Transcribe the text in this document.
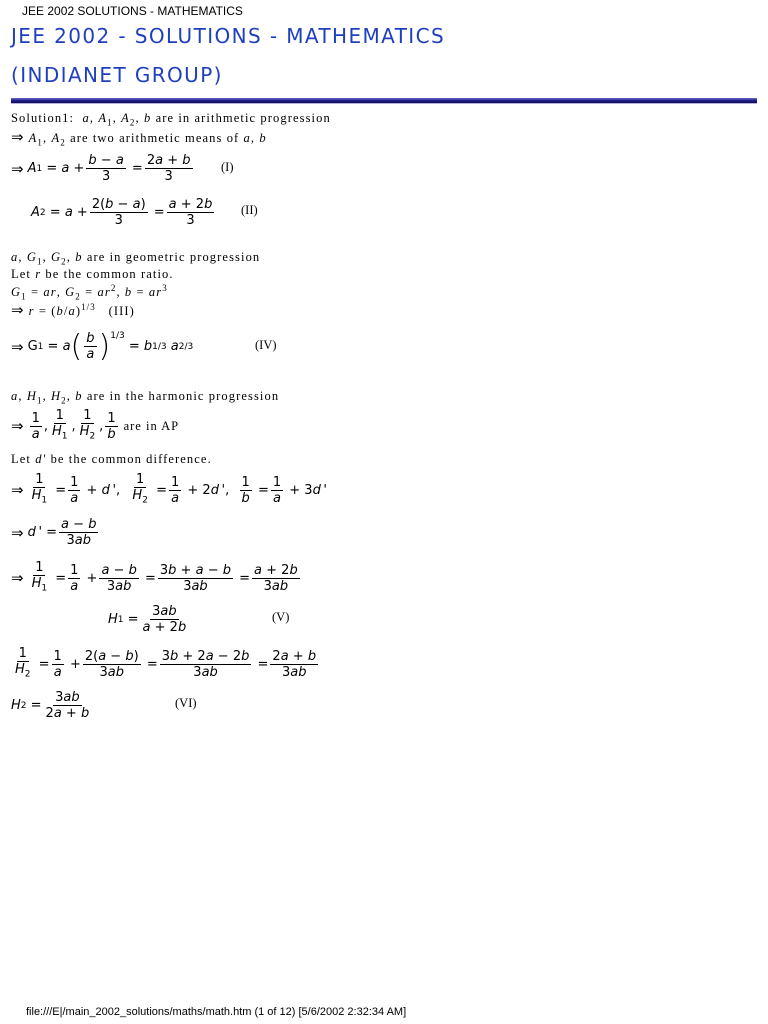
JEE 2002 SOLUTIONS - MATHEMATICS
JEE 2002 - SOLUTIONS - MATHEMATICS
(INDIANET GROUP)
Solution1: a, $A_1$, $A_2$, b are in arithmetic progression
⇒ $A_1$, $A_2$ are two arithmetic means of a, b
⇒ A 1 = a +
b − a
3
=
2a + b
3
(I)
A 2 = a +
2(b − a)
3
=
a + 2b
3
(II)
a, $G_1$, $G_2$, b are in geometric progression
Let r be the common ratio.
$G_1$ = ar, $G_2 = ar^2$, $b = ar^3$
⇒ $r = (b/a)^{1/3}$ (III)
⇒ G 1 = a ( b
a )$^{1/3}$
= b 1/3
a 2/3	(IV)
a, $H_1$, $H_2$, b are in the harmonic progression
⇒ 1
a
,
1
$H_1$
,
1
$H_2$
,
1
b
are in AP
Let d' be the common difference.
⇒
1
$H_1$
=
1
a
+ d  ',
1
$H_2$
=
1
a
+ 2 d  ',
1
b
=
1
a
+ 3 d  '
⇒ d  ' =
a − b
3ab
⇒
1
$H_1$
=
1
a
+
a − b
3ab
=
3b + a − b
3ab
=
a + 2b
3ab
H 1 =
3ab
a + 2b
(V)
1
$H_2$
=
1
a
+
2(a − b)
3ab
=
3b + 2a − 2b
3ab
=
2a + b
3ab
H 2 =
3ab
2a + b
(VI)
file:///E|/main_2002_solutions/maths/math.htm (1 of 12) [5/6/2002 2:32:34 AM]
